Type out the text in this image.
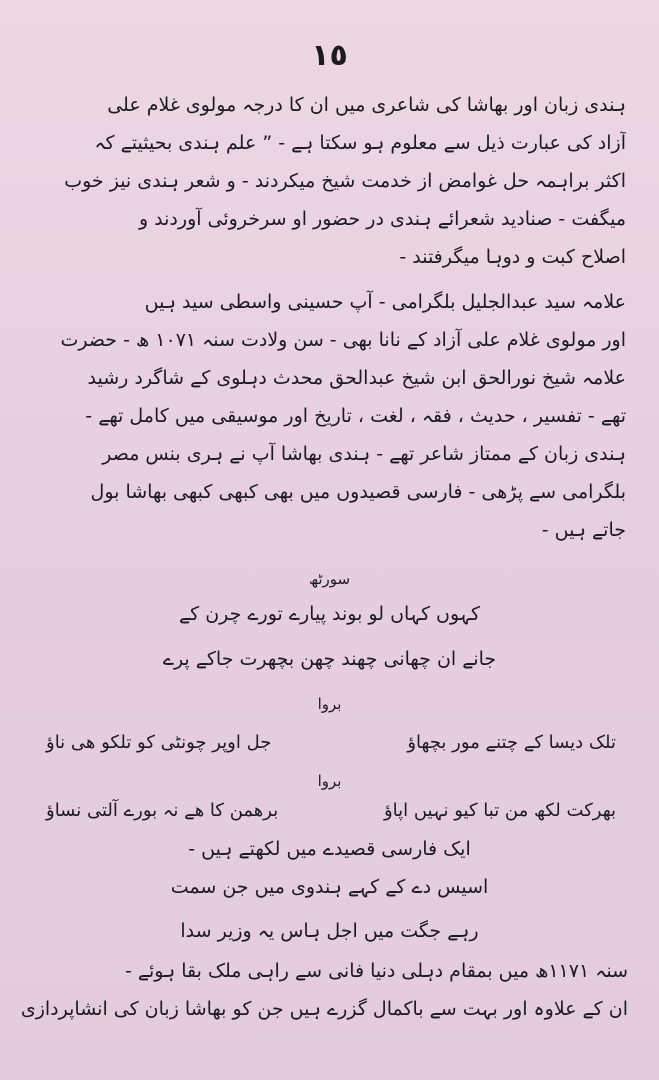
١٥

ہندی زبان اور بھاشا کی شاعری میں ان کا درجہ مولوی غلام علی
آزاد کی عبارت ذیل سے معلوم ہو سکتا ہے - ” علم ہندی بحیثیتے کہ
اکثر براہمہ حل غوامض از خدمت شیخ میکردند - و شعر ہندی نیز خوب
میگفت - صنادید شعرائے ہندی در حضور او سرخروئی آوردند و
اصلاح کبت و دوہا میگرفتند -

علامہ سید عبدالجلیل بلگرامی - آپ حسینی واسطی سید ہیں
اور مولوی غلام علی آزاد کے نانا بھی - سن ولادت سنہ ١٠٧١ ھ - حضرت
علامہ شیخ نورالحق ابن شیخ عبدالحق محدث دہلوی کے شاگرد رشید
تھے - تفسیر ، حدیث ، فقہ ، لغت ، تاریخ اور موسیقی میں کامل تھے -
ہندی زبان کے ممتاز شاعر تھے - ہندی بھاشا آپ نے ہری بنس مصر
بلگرامی سے پڑھی - فارسی قصیدوں میں بھی کبھی کبھی بھاشا بول
جاتے ہیں -

سورٹھ
کہوں کہاں لو بوند پیارے تورے چرن کے
جانے ان چھانی چھند چھن بچھرت جاکے پرے
بروا
تلک دیسا کے چتنے مور بچھاؤ
جل اوپر چونٹی کو تلکو ھی ناؤ
بروا
بھرکت لکھ من تبا کیو نہیں اپاؤ
برھمن کا ھے نہ بورے آلتی نساؤ
ایک فارسی قصیدے میں لکھتے ہیں -
اسیس دے کے کہے ہندوی میں جن سمت
رہے جگت میں اجل ہاس یہ وزیر سدا
سنہ ١١٧١ھ میں بمقام دہلی دنیا فانی سے راہی ملک بقا ہوئے -
ان کے علاوہ اور بہت سے باکمال گزرے ہیں جن کو بھاشا زبان کی انشاپردازی
